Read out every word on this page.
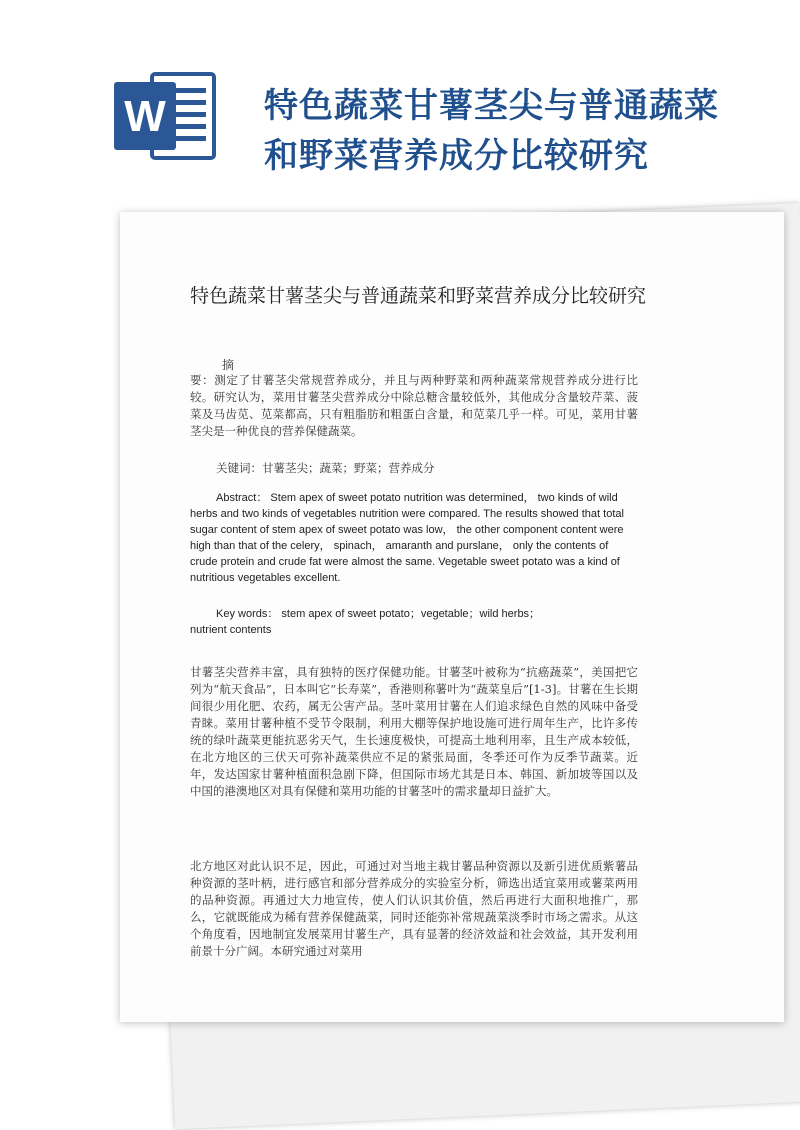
W	特色蔬菜甘薯茎尖与普通蔬菜
和野菜营养成分比较研究
特色蔬菜甘薯茎尖与普通蔬菜和野菜营养成分比较研究
摘
要：测定了甘薯茎尖常规营养成分，并且与两种野菜和两种蔬菜常规营养成分进行比较。研究认为，菜用甘薯茎尖营养成分中除总糖含量较低外，其他成分含量较芹菜、菠菜及马齿苋、苋菜都高，只有粗脂肪和粗蛋白含量，和苋菜几乎一样。可见，菜用甘薯茎尖是一种优良的营养保健蔬菜。
关键词：甘薯茎尖；蔬菜；野菜；营养成分
Abstract： Stem apex of sweet potato nutrition was determined， two kinds of wild herbs and two kinds of vegetables nutrition were compared. The results showed that total sugar content of stem apex of sweet potato was low， the other component content were high than that of the celery， spinach， amaranth and purslane， only the contents of crude protein and crude fat were almost the same. Vegetable sweet potato was a kind of nutritious vegetables excellent.
Key words： stem apex of sweet potato；vegetable；wild herbs；nutrient contents
甘薯茎尖营养丰富，具有独特的医疗保健功能。甘薯茎叶被称为“抗癌蔬菜”，美国把它列为“航天食品”，日本叫它“长寿菜”，香港则称薯叶为“蔬菜皇后”[1-3]。甘薯在生长期间很少用化肥、农药，属无公害产品。茎叶菜用甘薯在人们追求绿色自然的风味中备受青睐。菜用甘薯种植不受节令限制，利用大棚等保护地设施可进行周年生产，比许多传统的绿叶蔬菜更能抗恶劣天气，生长速度极快，可提高土地利用率，且生产成本较低，在北方地区的三伏天可弥补蔬菜供应不足的紧张局面，冬季还可作为反季节蔬菜。近年，发达国家甘薯种植面积急剧下降，但国际市场尤其是日本、韩国、新加坡等国以及中国的港澳地区对具有保健和菜用功能的甘薯茎叶的需求量却日益扩大。
北方地区对此认识不足，因此，可通过对当地主栽甘薯品种资源以及新引进优质紫薯品种资源的茎叶柄，进行感官和部分营养成分的实验室分析，筛选出适宜菜用或薯菜两用的品种资源。再通过大力地宣传，使人们认识其价值，然后再进行大面积地推广，那么，它就既能成为稀有营养保健蔬菜，同时还能弥补常规蔬菜淡季时市场之需求。从这个角度看，因地制宜发展菜用甘薯生产，具有显著的经济效益和社会效益，其开发利用前景十分广阔。本研究通过对菜用
